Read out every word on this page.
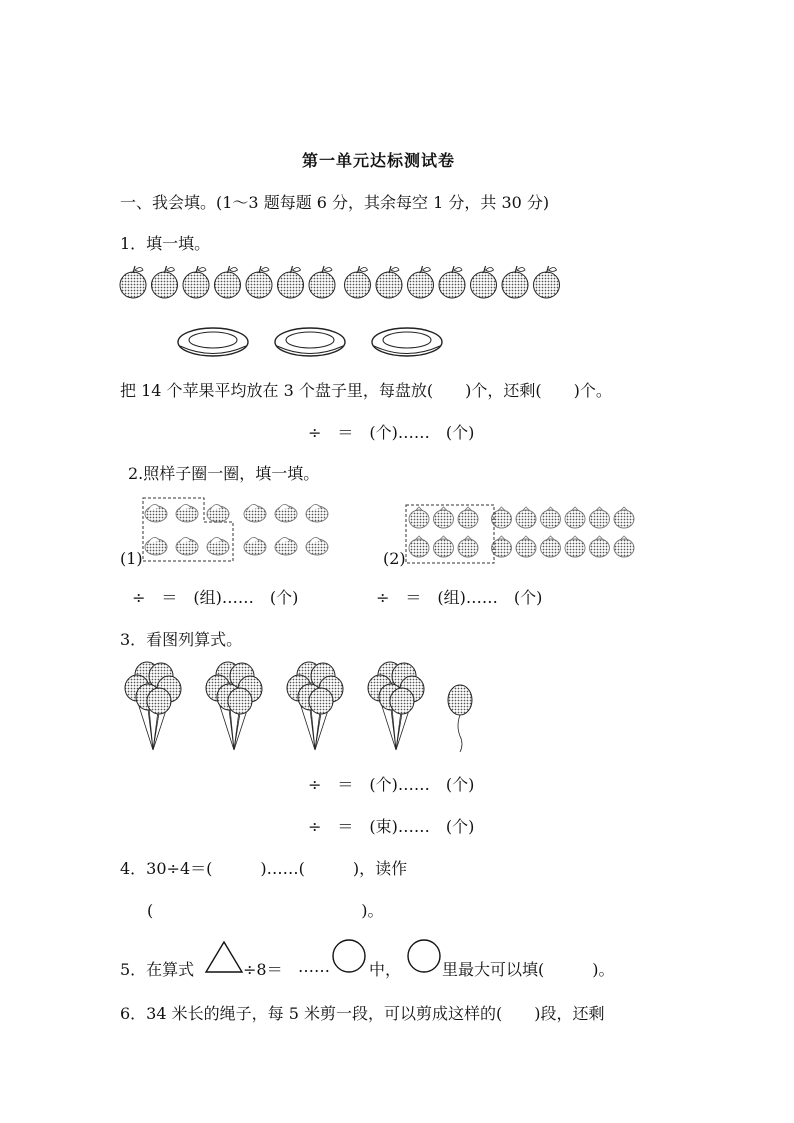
第一单元达标测试卷
一、我会填。(1～3 题每题 6 分，其余每空 1 分，共 30 分)
1．填一填。
把 14 个苹果平均放在 3 个盘子里，每盘放(　　)个，还剩(　　)个。
÷　＝　(个)……　(个)
2.照样子圈一圈，填一填。
(1)	(2)
÷　＝　(组)……　(个)	÷　＝　(组)……　(个)
3．看图列算式。
÷　＝　(个)……　(个)
÷　＝　(束)……　(个)
4．30÷4＝(　　　)……(　　　)，读作
(　　　　　　　　　　　　　)。
5．在算式	÷8＝ …… 中，	里最大可以填(　　　)。
6．34 米长的绳子，每 5 米剪一段，可以剪成这样的(　　)段，还剩
